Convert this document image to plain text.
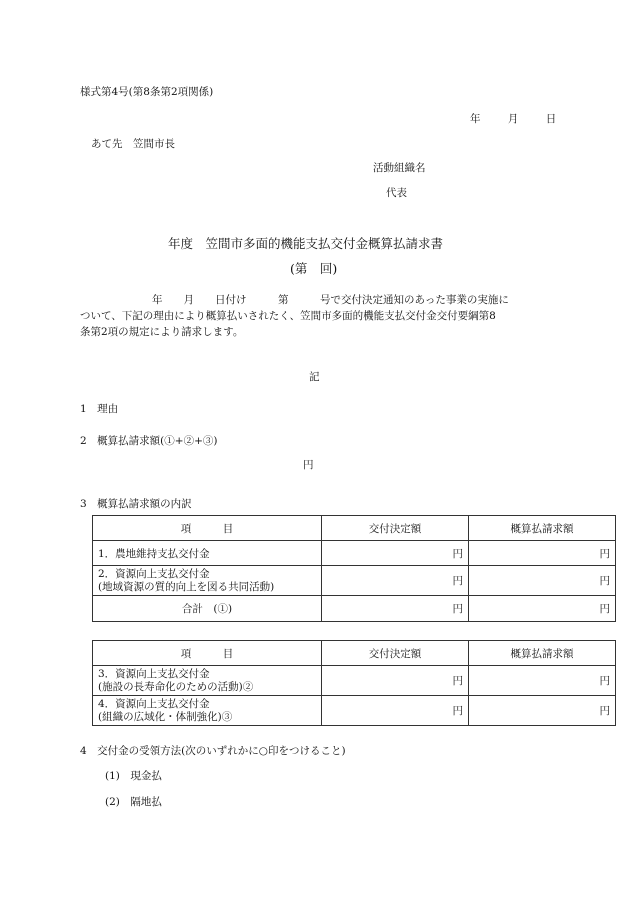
様式第4号(第8条第2項関係)
年	月	日
あて先　笠間市長
活動組織名
代表
年度　笠間市多面的機能支払交付金概算払請求書
(第　回)
年　　月　　日付け　　　第　　　号で交付決定通知のあった事業の実施に
ついて、下記の理由により概算払いされたく、笠間市多面的機能支払交付金交付要綱第8
条第2項の規定により請求します。
記
1　理由
2　概算払請求額(①+②+③)
円
3　概算払請求額の内訳
項　　　目	交付決定額	概算払請求額
1．農地維持支払交付金	円	円

2．資源向上支払交付金
(地域資源の質的向上を図る共同活動)	円	円
合計　(①)	円	円
項　　　目	交付決定額	概算払請求額

3．資源向上支払交付金
(施設の長寿命化のための活動)②	円	円

4．資源向上支払交付金
(組織の広域化・体制強化)③	円	円
4　交付金の受領方法(次のいずれかに○印をつけること)
(1)　現金払
(2)　隔地払
